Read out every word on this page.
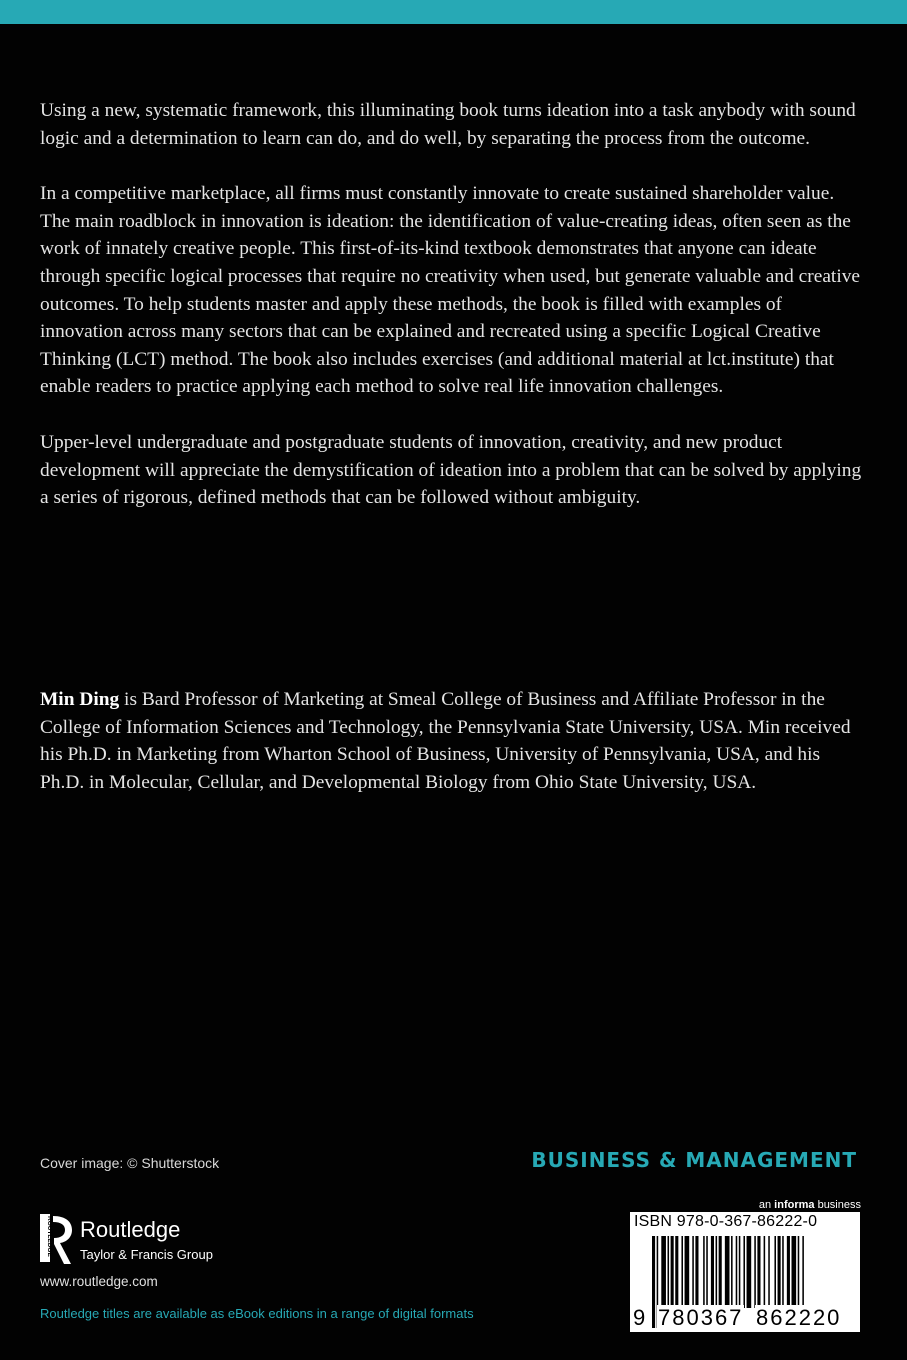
Using a new, systematic framework, this illuminating book turns ideation into a task anybody with sound logic and a determination to learn can do, and do well, by separating the process from the outcome.

In a competitive marketplace, all firms must constantly innovate to create sustained shareholder value. The main roadblock in innovation is ideation: the identification of value-creating ideas, often seen as the work of innately creative people. This first-of-its-kind textbook demonstrates that anyone can ideate through specific logical processes that require no creativity when used, but generate valuable and creative outcomes. To help students master and apply these methods, the book is filled with examples of innovation across many sectors that can be explained and recreated using a specific Logical Creative Thinking (LCT) method. The book also includes exercises (and additional material at lct.institute) that enable readers to practice applying each method to solve real life innovation challenges.

Upper-level undergraduate and postgraduate students of innovation, creativity, and new product development will appreciate the demystification of ideation into a problem that can be solved by applying a series of rigorous, defined methods that can be followed without ambiguity.

Min Ding is Bard Professor of Marketing at Smeal College of Business and Affiliate Professor in the College of Information Sciences and Technology, the Pennsylvania State University, USA. Min received his Ph.D. in Marketing from Wharton School of Business, University of Pennsylvania, USA, and his Ph.D. in Molecular, Cellular, and Developmental Biology from Ohio State University, USA.

Cover image: © Shutterstock	BUSINESS & MANAGEMENT
ROUTLEDGE Routledge
Taylor & Francis Group
www.routledge.com
Routledge titles are available as eBook editions in a range of digital formats
an informa business
ISBN 978-0-367-86222-0
9 780367 862220
